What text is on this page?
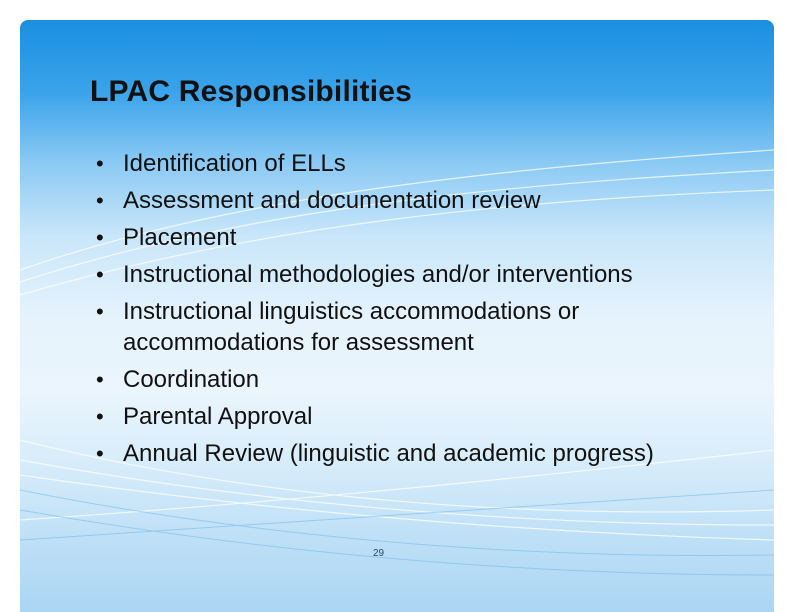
LPAC Responsibilities
• Identification of ELLs
• Assessment and documentation review
• Placement
• Instructional methodologies and/or interventions
• Instructional linguistics accommodations or accommodations for assessment
• Coordination
• Parental Approval
• Annual Review (linguistic and academic progress)
29
